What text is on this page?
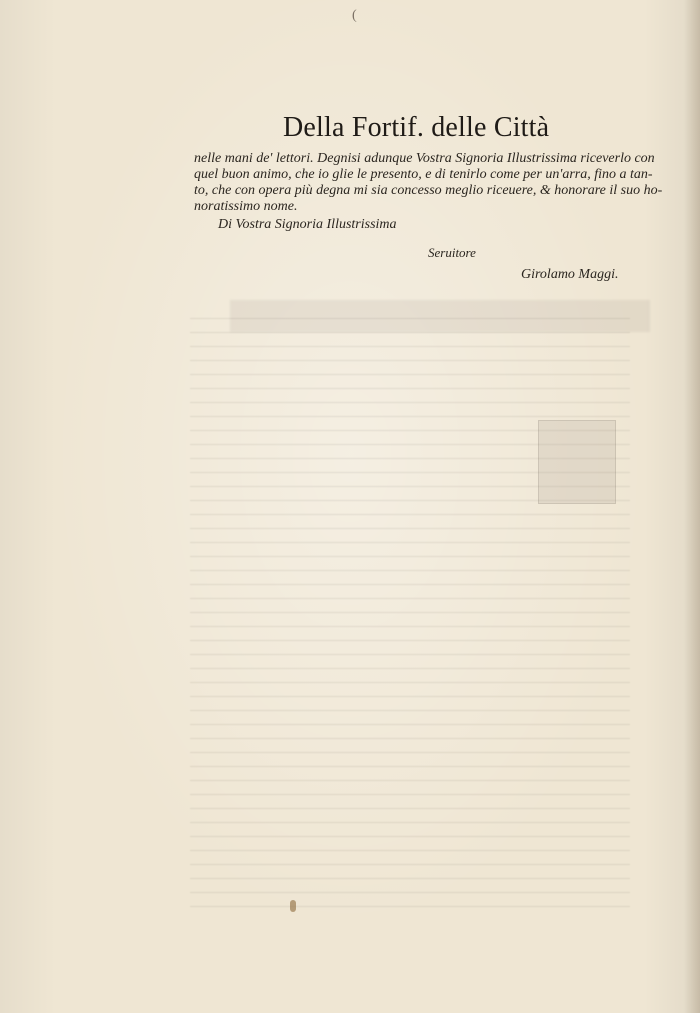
(
Della Fortif. delle Città
nelle mani de' lettori. Degnisi adunque Vostra Signoria Illustrissima riceverlo con
quel buon animo, che io glie le presento, e di tenirlo come per un'arra, fino a tan-
to, che con opera più degna mi sia concesso meglio riceuere, & honorare il suo ho-
noratissimo nome.
Di Vostra Signoria Illustrissima
Seruitore
Girolamo Maggi.
